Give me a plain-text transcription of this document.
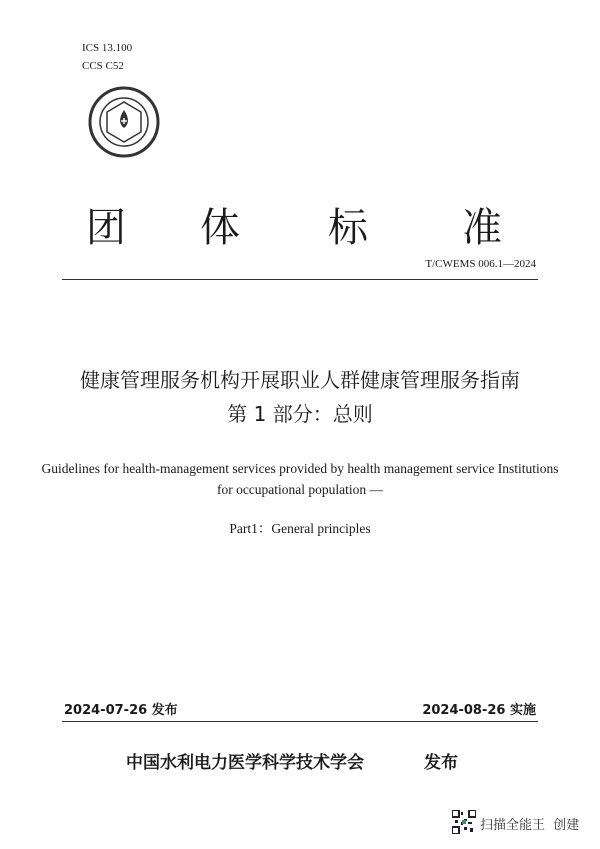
ICS 13.100
CCS C52
团 体 标 准
T/CWEMS 006.1—2024
健康管理服务机构开展职业人群健康管理服务指南
第 1 部分：总则
Guidelines for health-management services provided by health management service Institutions
for occupational population —
Part1：General principles
2024-07-26 发布	2024-08-26 实施
中国水利电力医学科学技术学会	发布
扫描全能王  创建
